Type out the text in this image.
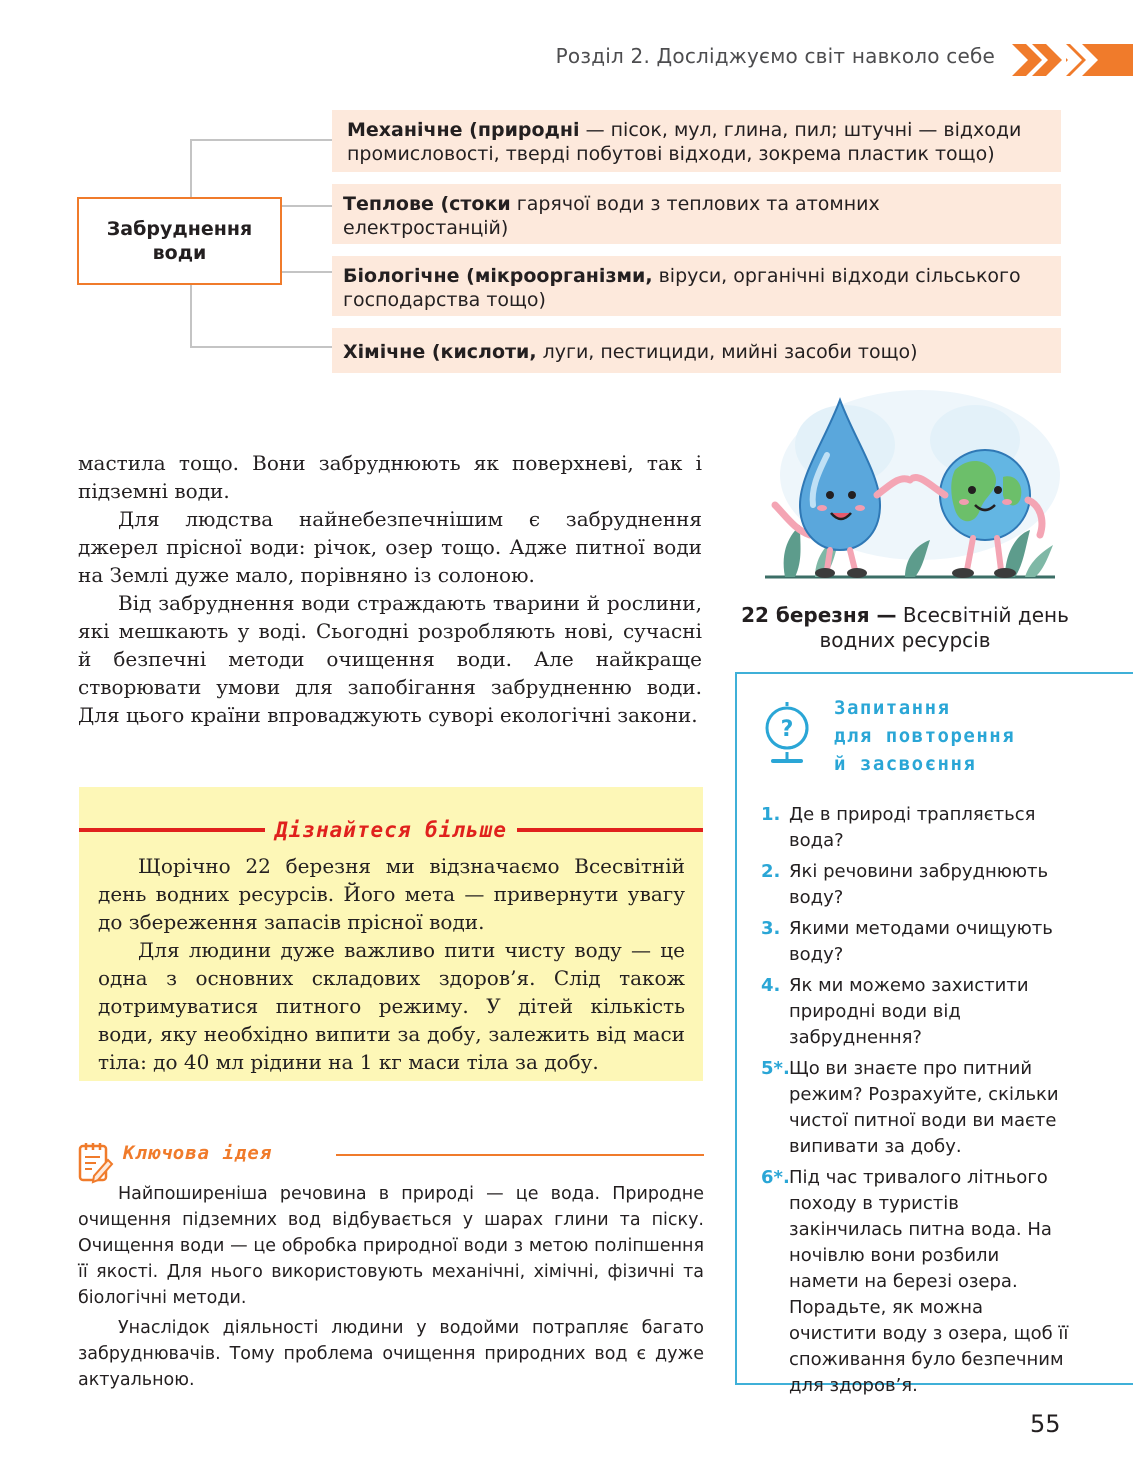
Розділ 2. Досліджуємо світ навколо себе
Забруднення води
Механічне (природні — пісок, мул, глина, пил; штучні — відходи промисловості, тверді побутові відходи, зокрема пластик тощо)
Теплове (стоки гарячої води з теплових та атомних електростанцій)
Біологічне (мікроорганізми, віруси, органічні відходи сільського господарства тощо)
Хімічне (кислоти, луги, пестициди, мийні засоби тощо)

мастила тощо. Вони забруднюють як поверхневі, так і підземні води.

Для людства найнебезпечнішим є забруднення джерел прісної води: річок, озер тощо. Адже питної води на Землі дуже мало, порівняно із солоною.

Від забруднення води страждають тварини й рослини, які мешкають у воді. Сьогодні розробляють нові, сучасні й безпечні методи очищення води. Але найкраще створювати умови для запобігання забрудненню води. Для цього країни впроваджують суворі екологічні закони.

Дізнайтеся більше

Щорічно 22 березня ми відзначаємо Всесвітній день водних ресурсів. Його мета — привернути увагу до збереження запасів прісної води.

Для людини дуже важливо пити чисту воду — це одна з основних складових здоров’я. Слід також дотримуватися питного режиму. У дітей кількість води, яку необхідно випити за добу, залежить від маси тіла: до 40 мл рідини на 1 кг маси тіла за добу.

Ключова ідея

Найпоширеніша речовина в природі — це вода. Природне очищення підземних вод відбувається у шарах глини та піску. Очищення води — це обробка природної води з метою поліпшення її якості. Для нього використовують механічні, хімічні, фізичні та біологічні методи.

Унаслідок діяльності людини у водойми потрапляє багато забруднювачів. Тому проблема очищення природних вод є дуже актуальною.

22 березня — Всесвітній день водних ресурсів
?
Запитання
для повторення
й засвоєння
1. Де в природі трапляється вода?
2. Які речовини забруднюють воду?
3. Якими методами очищують воду?
4. Як ми можемо захистити природні води від забруднення?
5*. Що ви знаєте про питний режим? Розрахуйте, скільки чистої питної води ви маєте випивати за добу.
6*. Під час тривалого літнього походу в туристів закінчилась питна вода. На ночівлю вони розбили намети на березі озера. Порадьте, як можна очистити воду з озера, щоб її споживання було безпечним для здоров’я.
55
